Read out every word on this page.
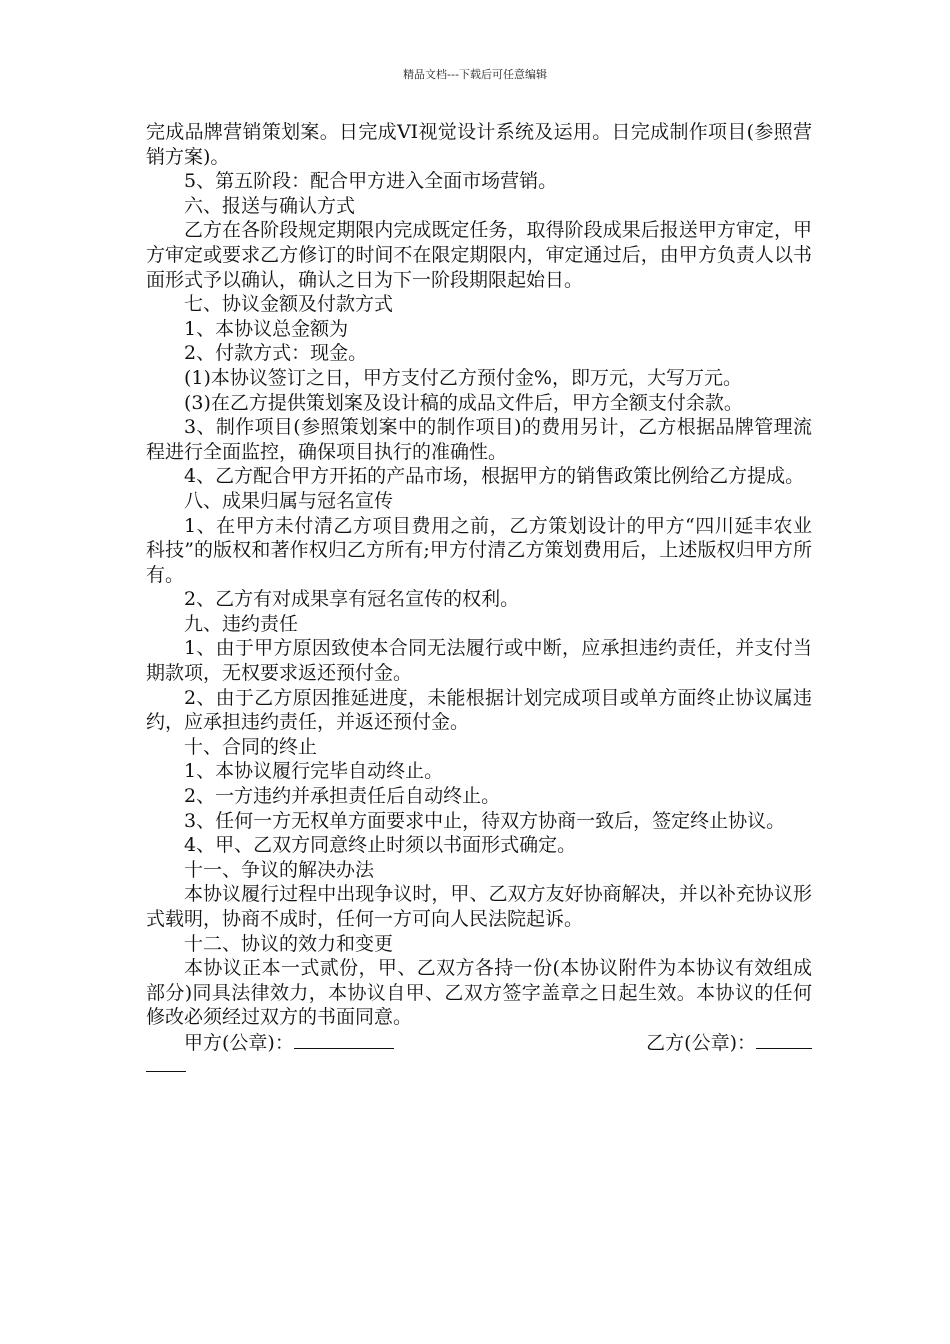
精品文档---下载后可任意编辑

完成品牌营销策划案。日完成VI视觉设计系统及运用。日完成制作项目(参照营销方案)。

5、第五阶段：配合甲方进入全面市场营销。

六、报送与确认方式

乙方在各阶段规定期限内完成既定任务，取得阶段成果后报送甲方审定，甲方审定或要求乙方修订的时间不在限定期限内，审定通过后，由甲方负责人以书面形式予以确认，确认之日为下一阶段期限起始日。

七、协议金额及付款方式

1、本协议总金额为

2、付款方式：现金。

(1)本协议签订之日，甲方支付乙方预付金%，即万元，大写万元。

(3)在乙方提供策划案及设计稿的成品文件后，甲方全额支付余款。

3、制作项目(参照策划案中的制作项目)的费用另计，乙方根据品牌管理流程进行全面监控，确保项目执行的准确性。

4、乙方配合甲方开拓的产品市场，根据甲方的销售政策比例给乙方提成。

八、成果归属与冠名宣传

1、在甲方未付清乙方项目费用之前，乙方策划设计的甲方“四川延丰农业科技”的版权和著作权归乙方所有;甲方付清乙方策划费用后，上述版权归甲方所有。

2、乙方有对成果享有冠名宣传的权利。

九、违约责任

1、由于甲方原因致使本合同无法履行或中断，应承担违约责任，并支付当期款项，无权要求返还预付金。

2、由于乙方原因推延进度，未能根据计划完成项目或单方面终止协议属违约，应承担违约责任，并返还预付金。

十、合同的终止

1、本协议履行完毕自动终止。

2、一方违约并承担责任后自动终止。

3、任何一方无权单方面要求中止，待双方协商一致后，签定终止协议。

4、甲、乙双方同意终止时须以书面形式确定。

十一、争议的解决办法

本协议履行过程中出现争议时，甲、乙双方友好协商解决，并以补充协议形式载明，协商不成时，任何一方可向人民法院起诉。

十二、协议的效力和变更

本协议正本一式贰份，甲、乙双方各持一份(本协议附件为本协议有效组成部分)同具法律效力，本协议自甲、乙双方签字盖章之日起生效。本协议的任何修改必须经过双方的书面同意。

甲方(公章)：	乙方(公章)：
